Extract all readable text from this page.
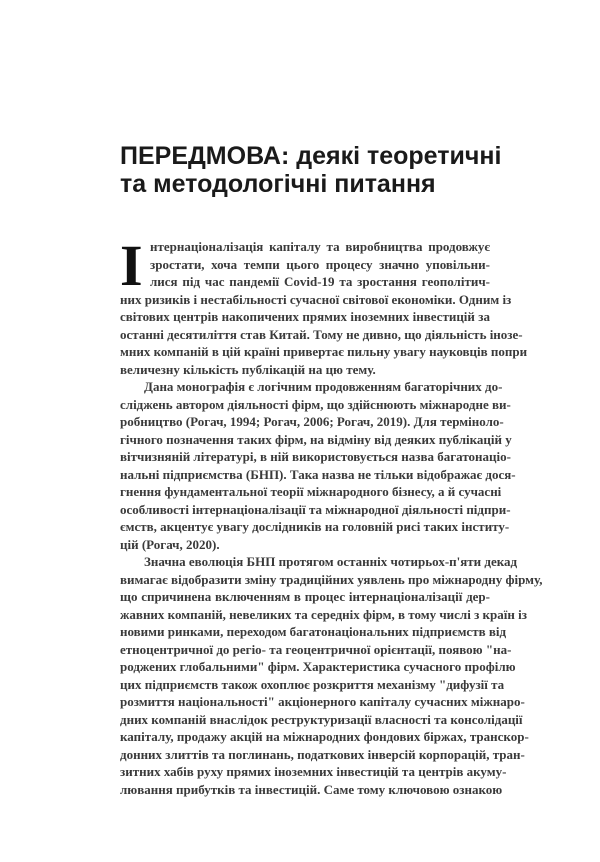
ПЕРЕДМОВА: деякі теоретичні
та методологічні питання
І нтернаціоналізація капіталу та виробництва продовжує
зростати, хоча темпи цього процесу значно уповільни-
лися під час пандемії Covid-19 та зростання геополітич-
них ризиків і нестабільності сучасної світової економіки. Одним із
світових центрів накопичених прямих іноземних інвестицій за
останні десятиліття став Китай. Тому не дивно, що діяльність інозе-
мних компаній в цій країні привертає пильну увагу науковців попри
величезну кількість публікацій на цю тему.
Дана монографія є логічним продовженням багаторічних до-
сліджень автором діяльності фірм, що здійснюють міжнародне ви-
робництво (Рогач, 1994; Рогач, 2006; Рогач, 2019). Для терміноло-
гічного позначення таких фірм, на відміну від деяких публікацій у
вітчизняній літературі, в ній використовується назва багатонаціо-
нальні підприємства (БНП). Така назва не тільки відображає дося-
гнення фундаментальної теорії міжнародного бізнесу, а й сучасні
особливості інтернаціоналізації та міжнародної діяльності підпри-
ємств, акцентує увагу дослідників на головній рисі таких інститу-
цій (Рогач, 2020).
Значна еволюція БНП протягом останніх чотирьох-п'яти декад
вимагає відобразити зміну традиційних уявлень про міжнародну фірму,
що спричинена включенням в процес інтернаціоналізації дер-
жавних компаній, невеликих та середніх фірм, в тому числі з країн із
новими ринками, переходом багатонаціональних підприємств від
етноцентричної до регіо- та геоцентричної орієнтації, появою "на-
роджених глобальними" фірм. Характеристика сучасного профілю
цих підприємств також охоплює розкриття механізму "дифузії та
розмиття національності" акціонерного капіталу сучасних міжнаро-
дних компаній внаслідок реструктуризації власності та консолідації
капіталу, продажу акцій на міжнародних фондових біржах, транскор-
донних злиттів та поглинань, податкових інверсій корпорацій, тран-
зитних хабів руху прямих іноземних інвестицій та центрів акуму-
лювання прибутків та інвестицій. Саме тому ключовою ознакою
